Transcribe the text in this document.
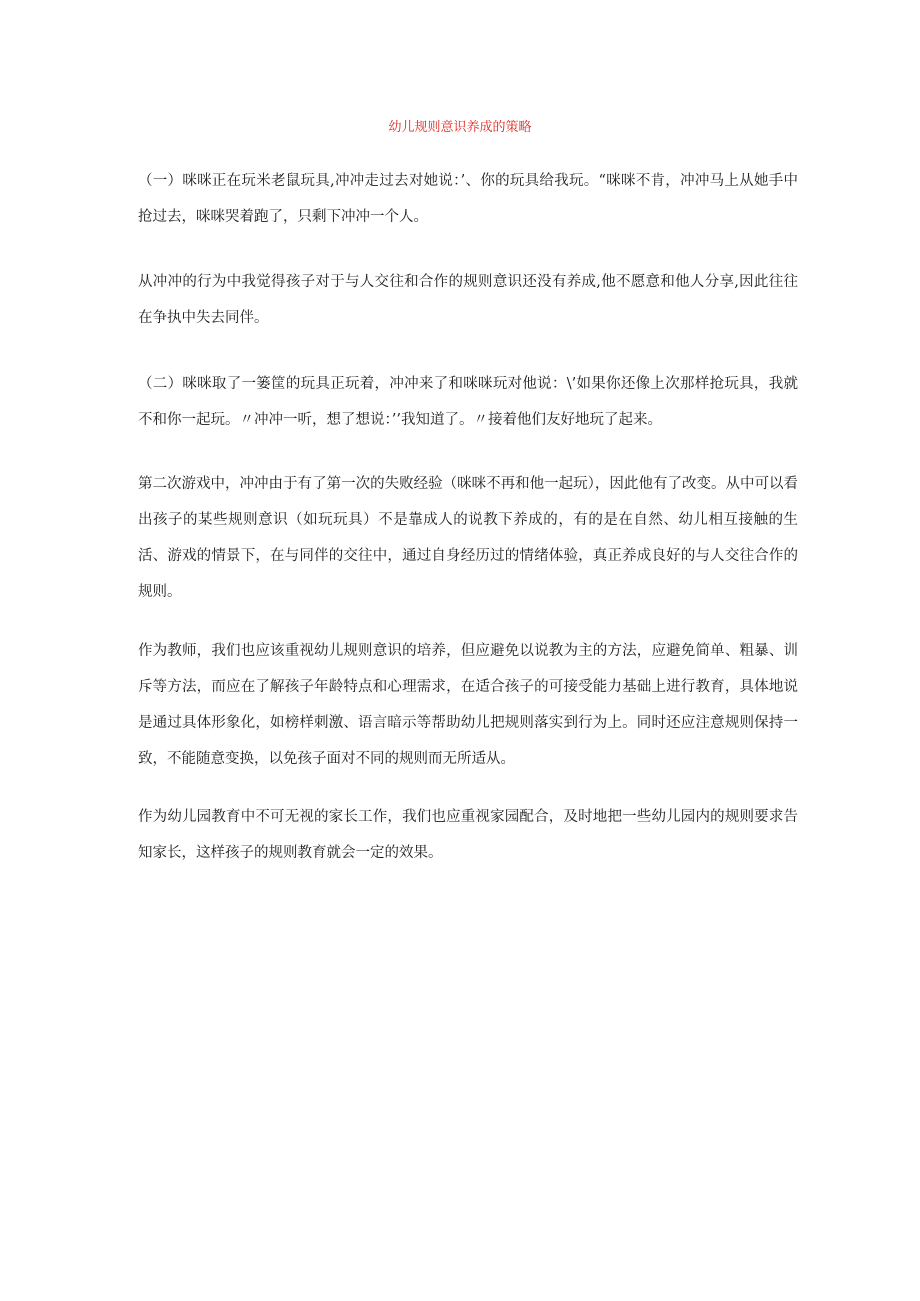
幼儿规则意识养成的策略

（一）咪咪正在玩米老鼠玩具,冲冲走过去对她说：’、你的玩具给我玩。“咪咪不肯，冲冲马上从她手中抢过去，咪咪哭着跑了，只剩下冲冲一个人。

从冲冲的行为中我觉得孩子对于与人交往和合作的规则意识还没有养成,他不愿意和他人分享,因此往往在争执中失去同伴。

（二）咪咪取了一篓筐的玩具正玩着，冲冲来了和咪咪玩对他说：\’如果你还像上次那样抢玩具，我就不和你一起玩。〃冲冲一听，想了想说：’’我知道了。〃接着他们友好地玩了起来。

第二次游戏中，冲冲由于有了第一次的失败经验（咪咪不再和他一起玩），因此他有了改变。从中可以看出孩子的某些规则意识（如玩玩具）不是靠成人的说教下养成的，有的是在自然、幼儿相互接触的生活、游戏的情景下，在与同伴的交往中，通过自身经历过的情绪体验，真正养成良好的与人交往合作的规则。

作为教师，我们也应该重视幼儿规则意识的培养，但应避免以说教为主的方法，应避免简单、粗暴、训斥等方法，而应在了解孩子年龄特点和心理需求，在适合孩子的可接受能力基础上进行教育，具体地说是通过具体形象化，如榜样刺激、语言暗示等帮助幼儿把规则落实到行为上。同时还应注意规则保持一致，不能随意变换，以免孩子面对不同的规则而无所适从。

作为幼儿园教育中不可无视的家长工作，我们也应重视家园配合，及时地把一些幼儿园内的规则要求告知家长，这样孩子的规则教育就会一定的效果。
